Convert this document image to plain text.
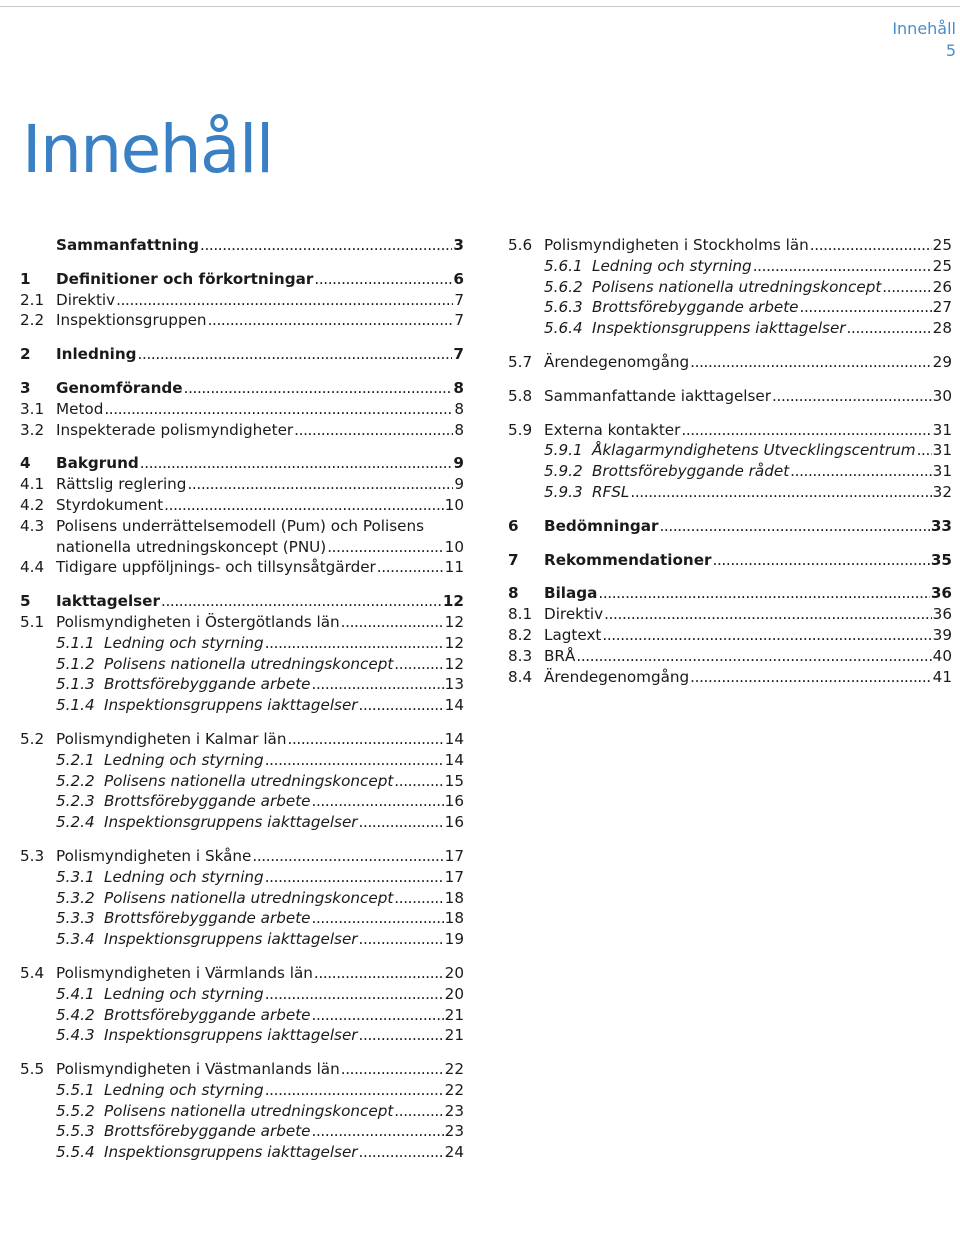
Innehåll
5
Innehåll
Sammanfattning . . .	3
1	Definitioner och förkortningar . . .	6
2.1 Direktiv . . .	7
2.2 Inspektionsgruppen . . .	7
2	Inledning . . .	7
3	Genomförande . . .	8
3.1 Metod . . .	8
3.2 Inspekterade polismyndigheter . . .	8
4	Bakgrund . . .	9
4.1 Rättslig reglering . . .	9
4.2 Styrdokument . . .	10
4.3 Polisens underrättelsemodell (Pum) och Polisens
nationella utredningskoncept (PNU) . . .	10
4.4 Tidigare uppföljnings- och tillsynsåtgärder . . .	11
5	Iakttagelser . . .	12
5.1 Polismyndigheten i Östergötlands län . . .	12
5.1.1 Ledning och styrning . . .	12
5.1.2 Polisens nationella utredningskoncept . . .	12
5.1.3 Brottsförebyggande arbete . . .	13
5.1.4 Inspektionsgruppens iakttagelser . . .	14
5.2 Polismyndigheten i Kalmar län . . .	14
5.2.1 Ledning och styrning . . .	14
5.2.2 Polisens nationella utredningskoncept . . .	15
5.2.3 Brottsförebyggande arbete . . .	16
5.2.4 Inspektionsgruppens iakttagelser . . .	16
5.3 Polismyndigheten i Skåne . . .	17
5.3.1 Ledning och styrning . . .	17
5.3.2 Polisens nationella utredningskoncept . . .	18
5.3.3 Brottsförebyggande arbete . . .	18
5.3.4 Inspektionsgruppens iakttagelser . . .	19
5.4 Polismyndigheten i Värmlands län . . .	20
5.4.1 Ledning och styrning . . .	20
5.4.2 Brottsförebyggande arbete . . .	21
5.4.3 Inspektionsgruppens iakttagelser . . .	21
5.5 Polismyndigheten i Västmanlands län . . .	22
5.5.1 Ledning och styrning . . .	22
5.5.2 Polisens nationella utredningskoncept . . .	23
5.5.3 Brottsförebyggande arbete . . .	23
5.5.4 Inspektionsgruppens iakttagelser . . .	24
5.6 Polismyndigheten i Stockholms län . . .	25
5.6.1 Ledning och styrning . . .	25
5.6.2 Polisens nationella utredningskoncept . . .	26
5.6.3 Brottsförebyggande arbete . . .	27
5.6.4 Inspektionsgruppens iakttagelser . . .	28
5.7 Ärendegenomgång . . .	29
5.8 Sammanfattande iakttagelser . . .	30
5.9 Externa kontakter . . .	31
5.9.1 Åklagarmyndighetens Utvecklingscentrum . . . 31
5.9.2 Brottsförebyggande rådet . . .	31
5.9.3 RFSL . . .	32
6	Bedömningar . . .	33
7	Rekommendationer . . .	35
8	Bilaga . . .	36
8.1 Direktiv . . .	36
8.2 Lagtext . . .	39
8.3 BRÅ . . .	40
8.4 Ärendegenomgång . . .	41
